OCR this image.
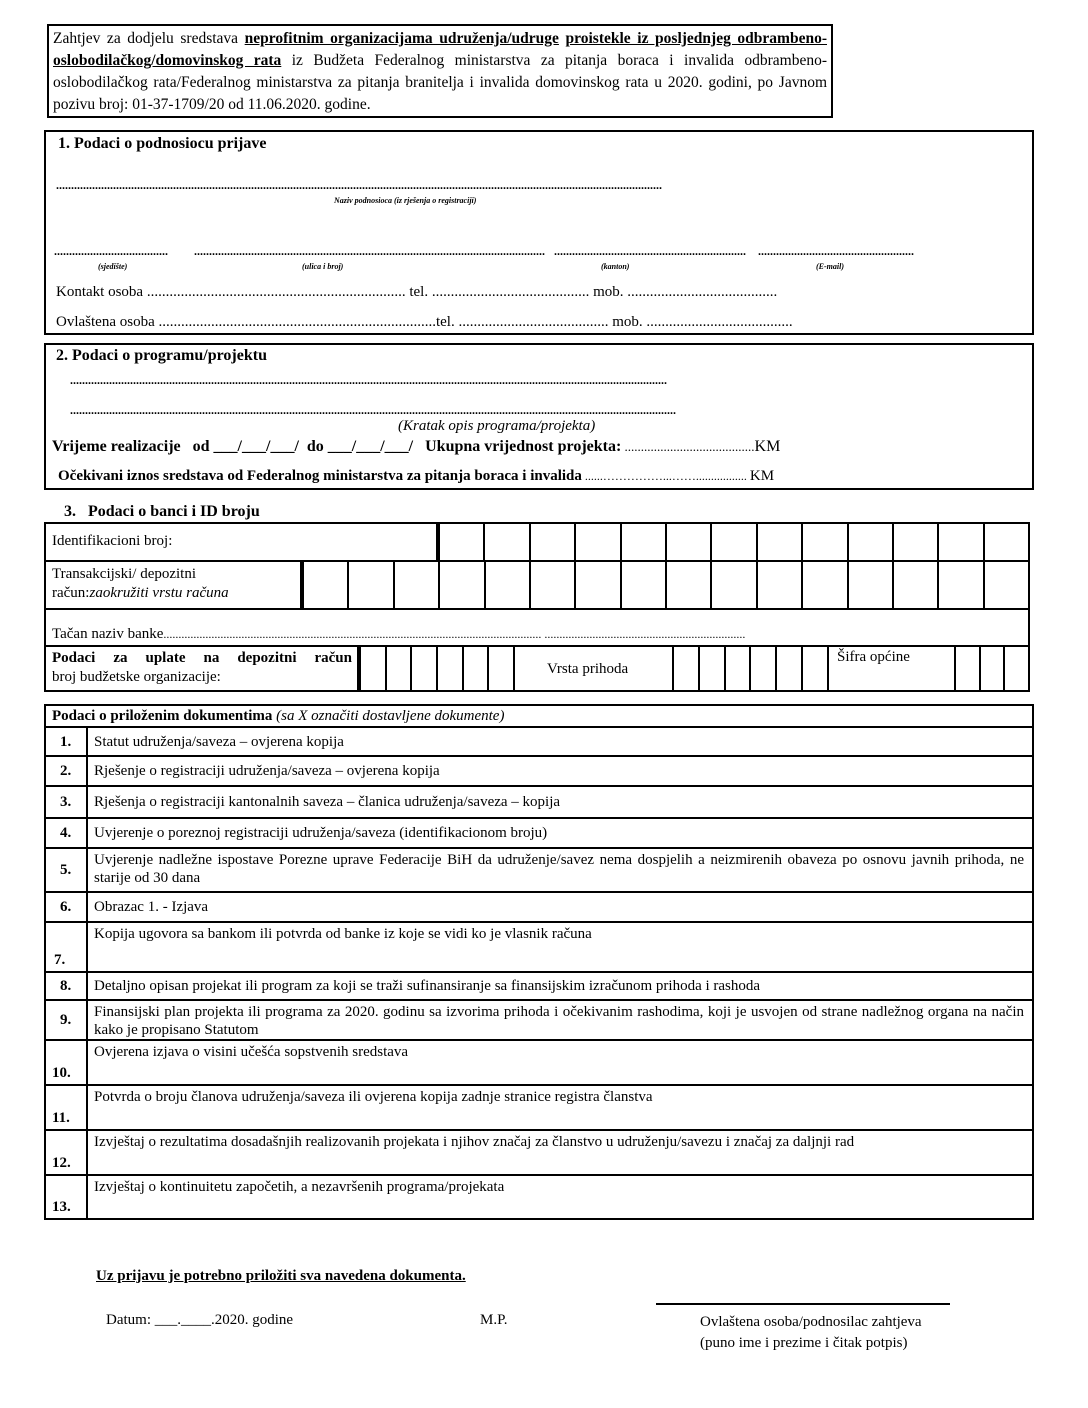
Zahtjev za dodjelu sredstava neprofitnim organizacijama udruženja/udruge proistekle iz posljednjeg odbrambeno-oslobodilačkog/domovinskog rata iz Budžeta Federalnog ministarstva za pitanja boraca i invalida odbrambeno-oslobodilačkog rata/Federalnog ministarstva za pitanja branitelja i invalida domovinskog rata u 2020. godini, po Javnom pozivu broj: 01-37-1709/20 od 11.06.2020. godine.
1. Podaci o podnosiocu prijave
..........................................................................................................................................................................................................
Naziv podnosioca (iz rješenja o registraciji)
......................................	..................................................................................................................... ................................................................ ....................................................
(sjedište)	(ulica i broj)	(kanton)	(E-mail)
Kontakt osoba ..................................................................... tel. .......................................... mob. ........................................
Ovlaštena osoba ..........................................................................tel. ........................................ mob. .......................................
2. Podaci o programu/projektu
.......................................................................................................................................................................................................
..........................................................................................................................................................................................................
(Kratak opis programa/projekta)
Vrijeme realizacije   od ___/___/___/  do ___/___/___/   Ukupna vrijednost projekta: ........................................KM
Očekivani iznos sredstava od Federalnog ministarstva za pitanja boraca i invalida ......……………...……................. KM
3.   Podaci o banci i ID broju
Identifikacioni broj:
Transakcijski/ depozitni
račun:zaokružiti vrstu računa
Tačan naziv banke.............................................................................................................................. ...................................................................
Podaci za uplate na depozitni račun
broj budžetske organizacije:	Vrsta prihoda
Šifra općine
Podaci o priloženim dokumentima (sa X označiti dostavljene dokumente)
1. Statut udruženja/saveza – ovjerena kopija
2. Rješenje o registraciji udruženja/saveza – ovjerena kopija
3. Rješenja o registraciji kantonalnih saveza – članica udruženja/saveza – kopija
4. Uvjerenje o poreznoj registraciji udruženja/saveza (identifikacionom broju)
5.
Uvjerenje nadležne ispostave Porezne uprave Federacije BiH da udruženje/savez nema dospjelih a neizmirenih obaveza po osnovu javnih prihoda, ne starije od 30 dana
6. Obrazac 1. - Izjava
7.
Kopija ugovora sa bankom ili potvrda od banke iz koje se vidi ko je vlasnik računa
8. Detaljno opisan projekat ili program za koji se traži sufinansiranje sa finansijskim izračunom prihoda i rashoda
9. Finansijski plan projekta ili programa za 2020. godinu sa izvorima prihoda i očekivanim rashodima, koji je usvojen od strane nadležnog organa na način kako je propisano Statutom
10.
Ovjerena izjava o visini učešća sopstvenih sredstava
11.
Potvrda o broju članova udruženja/saveza ili ovjerena kopija zadnje stranice registra članstva
12.
Izvještaj o rezultatima dosadašnjih realizovanih projekata i njihov značaj za članstvo u udruženju/savezu i značaj za daljnji rad
13.
Izvještaj o kontinuitetu započetih, a nezavršenih programa/projekata
Uz prijavu je potrebno priložiti sva navedena dokumenta.
Datum: ___.____.2020. godine	M.P.	Ovlaštena osoba/podnosilac zahtjeva
(puno ime i prezime i čitak potpis)
